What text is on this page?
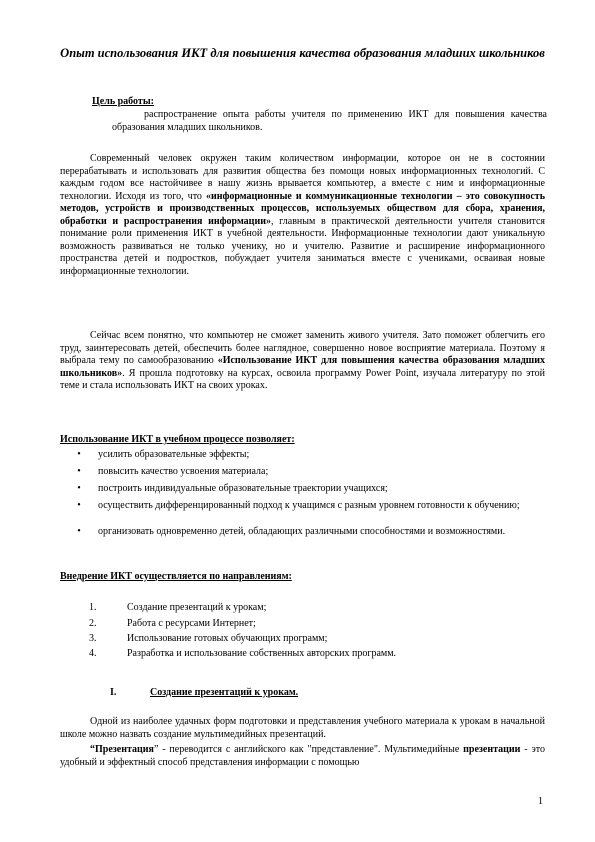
Опыт использования ИКТ для повышения качества образования младших школьников

Цель работы:

распространение опыта работы учителя по применению ИКТ для повышения качества образования младших школьников.

Современный человек окружен таким количеством информации, которое он не в состоянии перерабатывать и использовать для развития общества без помощи новых информационных технологий. С каждым годом все настойчивее в нашу жизнь врывается компьютер, а вместе с ним и информационные технологии. Исходя из того, что «информационные и коммуникационные технологии – это совокупность методов, устройств и производственных процессов, используемых обществом для сбора, хранения, обработки и распространения информации», главным в практической деятельности учителя становится понимание роли применения ИКТ в учебной деятельности. Информационные технологии дают уникальную возможность развиваться не только ученику, но и учителю. Развитие и расширение информационного пространства детей и подростков, побуждает учителя заниматься вместе с учениками, осваивая новые информационные технологии.

Сейчас всем понятно, что компьютер не сможет заменить живого учителя. Зато поможет облегчить его труд, заинтересовать детей, обеспечить более наглядное, совершенно новое восприятие материала. Поэтому я выбрала тему по самообразованию «Использование ИКТ для повышения качества образования младших школьников». Я прошла подготовку на курсах, освоила программу Power Point, изучала литературу по этой теме и стала использовать ИКТ на своих уроках.

Использование ИКТ в учебном процессе позволяет:

• усилить образовательные эффекты;

• повысить качество усвоения материала;

• построить индивидуальные образовательные траектории учащихся;

• осуществить дифференцированный подход к учащимся с разным уровнем готовности к обучению;

• организовать одновременно детей, обладающих различными способностями и возможностями.

Внедрение ИКТ осуществляется по направлениям:

1.	Создание презентаций к урокам;

2.	Работа с ресурсами Интернет;

3.	Использование готовых обучающих программ;

4.	Разработка и использование собственных авторских программ.

I.	Создание презентаций к урокам.

Одной из наиболее удачных форм подготовки и представления учебного материала к урокам в начальной школе можно назвать создание мультимедийных презентаций.

“Презентация” - переводится с английского как "представление". Мультимедийные презентации - это удобный и эффектный способ представления информации с помощью

1
